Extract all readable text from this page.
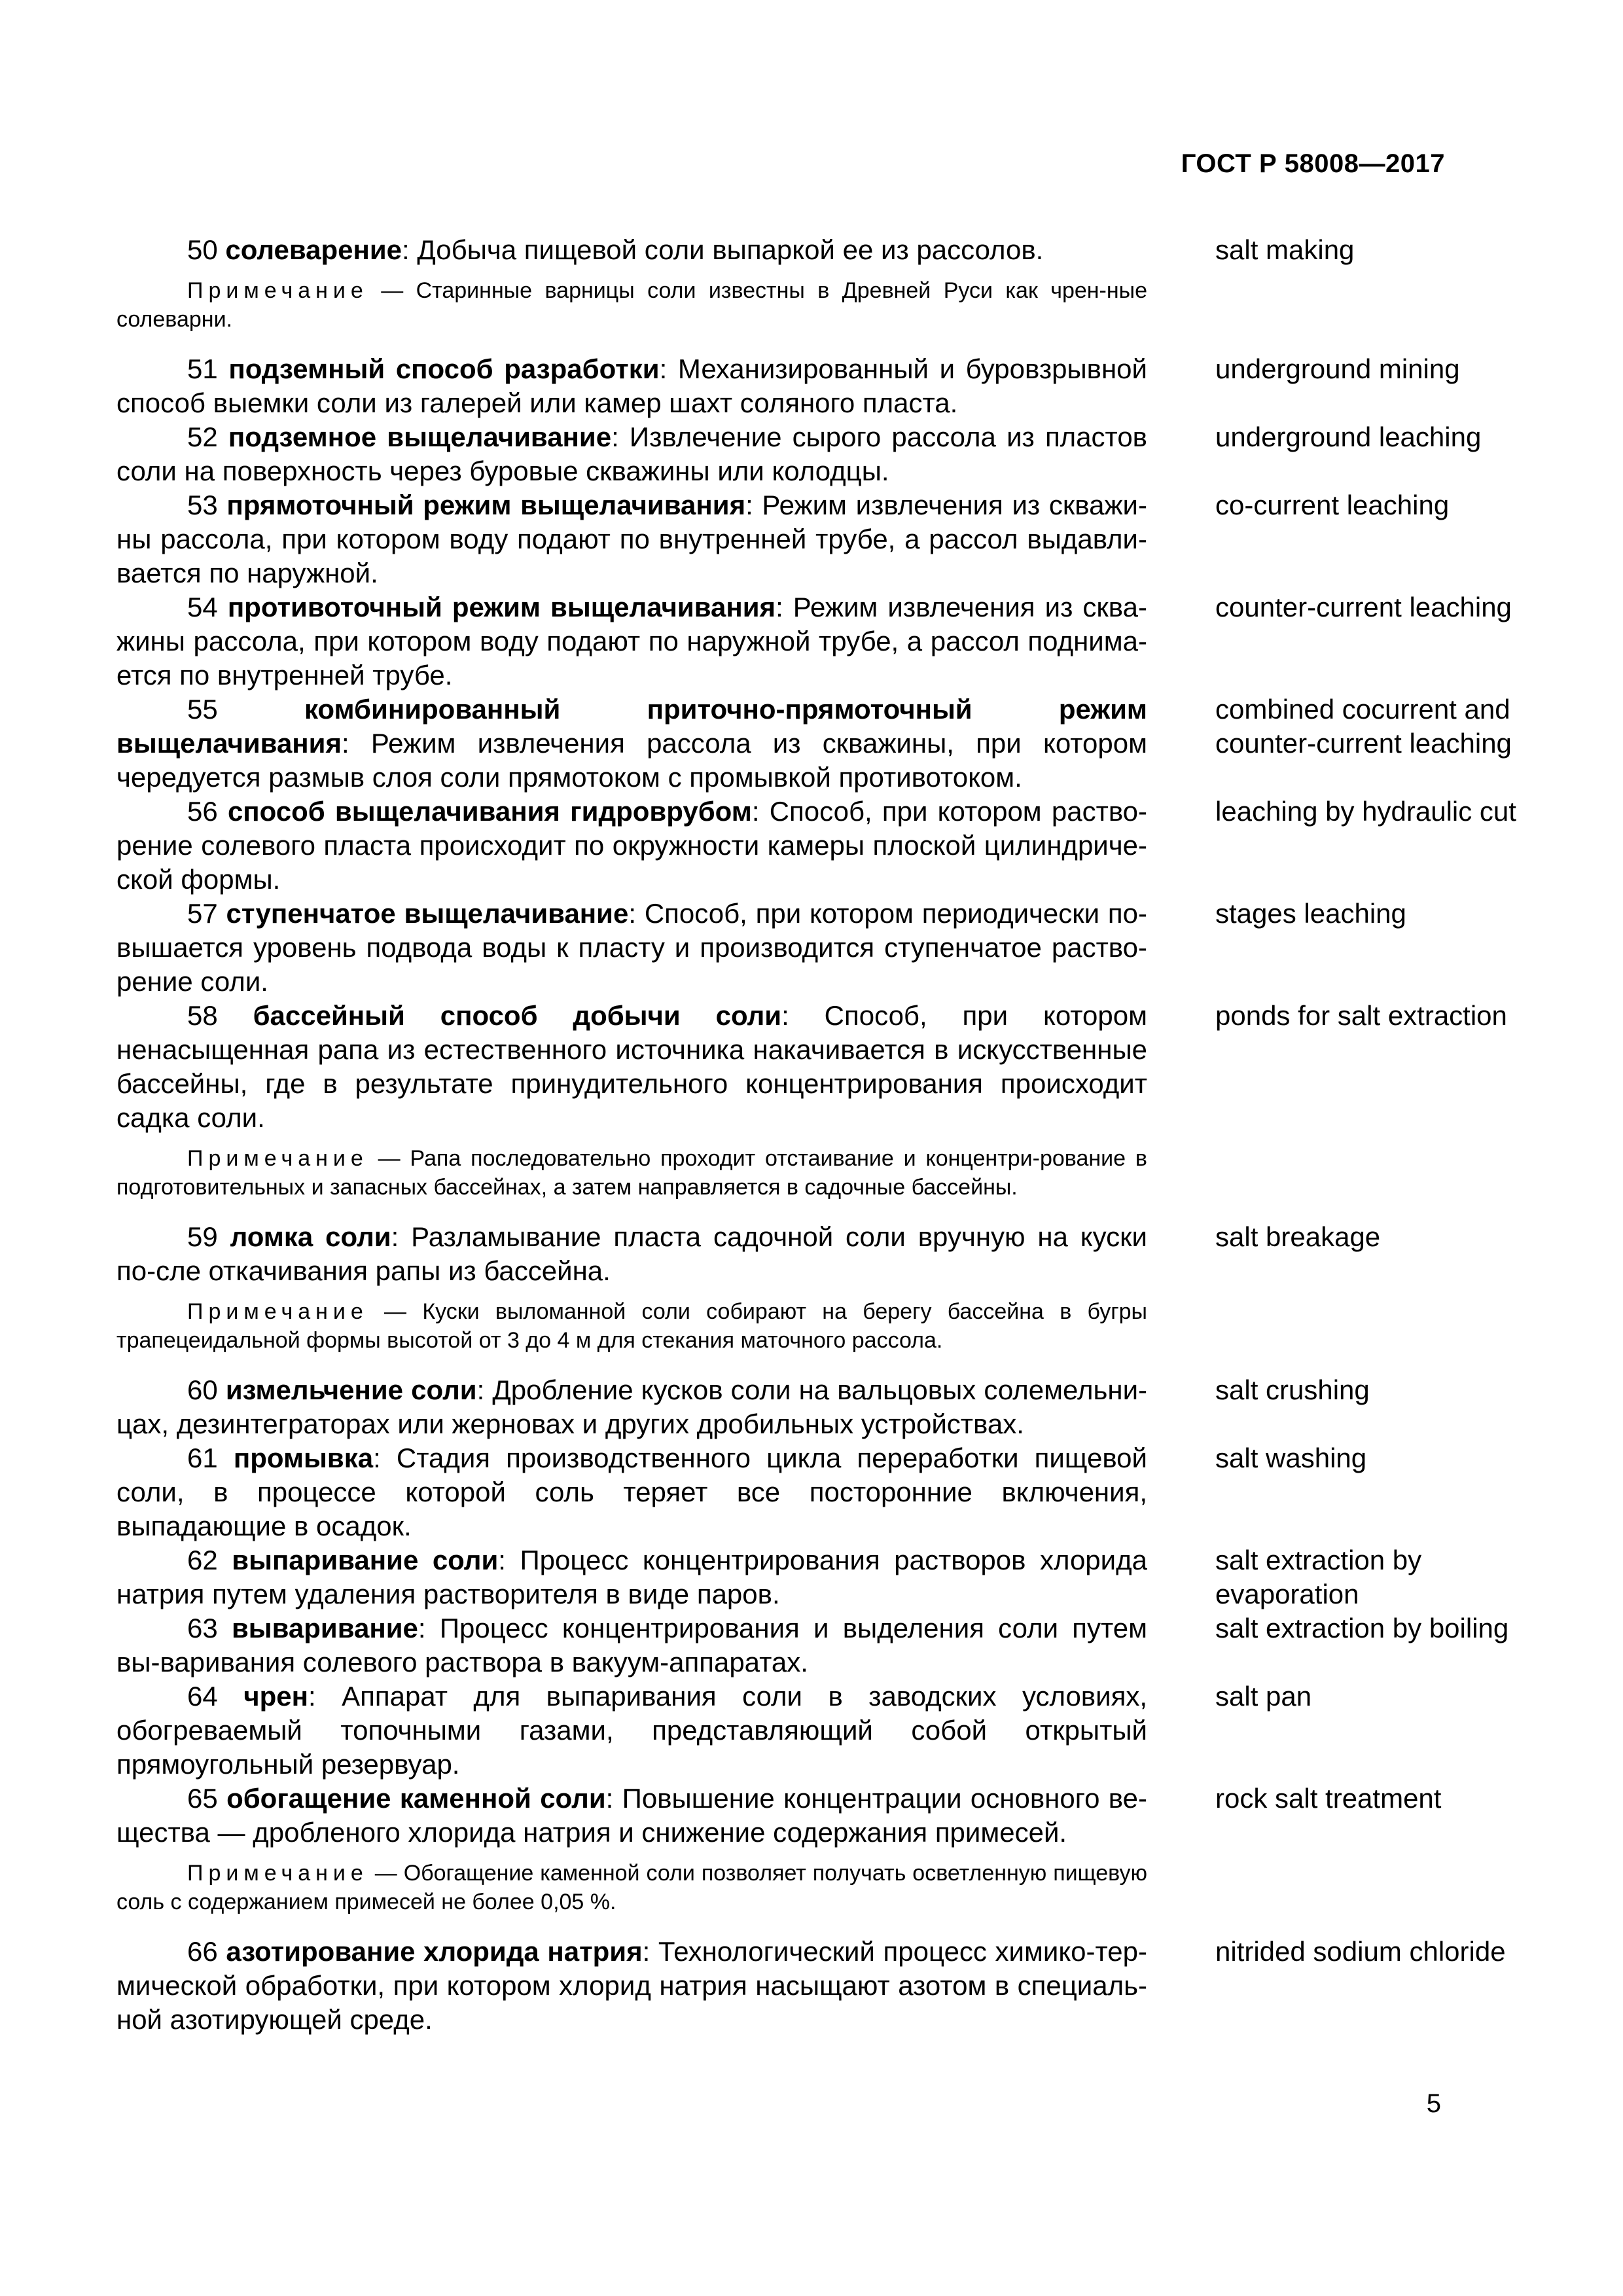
ГОСТ Р 58008—2017
50 солеварение: Добыча пищевой соли выпаркой ее из рассолов.	salt making
Примечание — Старинные варницы соли известны в Древней Руси как чрен-ные солеварни.
51 подземный способ разработки: Механизированный и буровзрывной способ выемки соли из галерей или камер шахт соляного пласта.
underground mining
52 подземное выщелачивание: Извлечение сырого рассола из пластов соли на поверхность через буровые скважины или колодцы.
underground leaching
53 прямоточный режим выщелачивания: Режим извлечения из скважи-ны рассола, при котором воду подают по внутренней трубе, а рассол выдавли-вается по наружной.
co-current leaching
54 противоточный режим выщелачивания: Режим извлечения из сква-жины рассола, при котором воду подают по наружной трубе, а рассол поднима-ется по внутренней трубе.
counter-current leaching
55	комбинированный приточно-прямоточный режим выщелачивания: Режим извлечения рассола из скважины, при котором чередуется размыв слоя соли прямотоком с промывкой противотоком.
combined cocurrent and counter-current leaching
56 способ выщелачивания гидроврубом: Способ, при котором раство-рение солевого пласта происходит по окружности камеры плоской цилиндриче-ской формы.
leaching by hydraulic cut
57 ступенчатое выщелачивание: Способ, при котором периодически по-вышается уровень подвода воды к пласту и производится ступенчатое раство-рение соли.
stages leaching
58 бассейный способ добычи соли: Способ, при котором ненасыщенная рапа из естественного источника накачивается в искусственные бассейны, где в результате принудительного концентрирования происходит садка соли.
ponds for salt extraction
Примечание — Рапа последовательно проходит отстаивание и концентри-рование в подготовительных и запасных бассейнах, а затем направляется в садочные бассейны.
59 ломка соли: Разламывание пласта садочной соли вручную на куски по-сле откачивания рапы из бассейна.
salt breakage
Примечание — Куски выломанной соли собирают на берегу бассейна в бугры трапецеидальной формы высотой от 3 до 4 м для стекания маточного рассола.
60 измельчение соли: Дробление кусков соли на вальцовых солемельни-цах, дезинтеграторах или жерновах и других дробильных устройствах.
salt crushing
61 промывка: Стадия производственного цикла переработки пищевой соли, в процессе которой соль теряет все посторонние включения, выпадающие в осадок.
salt washing
62 выпаривание соли: Процесс концентрирования растворов хлорида натрия путем удаления растворителя в виде паров.
salt extraction by evaporation
63 вываривание: Процесс концентрирования и выделения соли путем вы-варивания солевого раствора в вакуум-аппаратах.
salt extraction by boiling
64 чрен: Аппарат для выпаривания соли в заводских условиях, обогреваемый топочными газами, представляющий собой открытый прямоугольный резервуар.
salt pan
65 обогащение каменной соли: Повышение концентрации основного ве-щества — дробленого хлорида натрия и снижение содержания примесей.
rock salt treatment
Примечание — Обогащение каменной соли позволяет получать осветленную пищевую соль с содержанием примесей не более 0,05 %.
66 азотирование хлорида натрия: Технологический процесс химико-тер-мической обработки, при котором хлорид натрия насыщают азотом в специаль-ной азотирующей среде.
nitrided sodium chloride
5
